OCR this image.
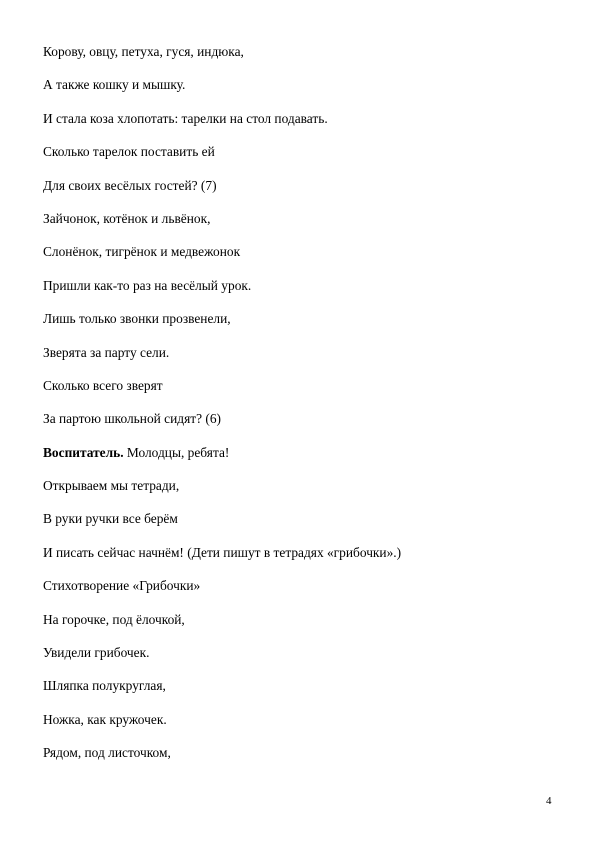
Корову, овцу, петуха, гуся, индюка,
А также кошку и мышку.
И стала коза хлопотать: тарелки на стол подавать.
Сколько тарелок поставить ей
Для своих весёлых гостей? (7)
Зайчонок, котёнок и львёнок,
Слонёнок, тигрёнок и медвежонок
Пришли как-то раз на весёлый урок.
Лишь только звонки прозвенели,
Зверята за парту сели.
Сколько всего зверят
За партою школьной сидят? (6)
Воспитатель. Молодцы, ребята!
Открываем мы тетради,
В руки ручки все берём
И писать сейчас начнём! (Дети пишут в тетрадях «грибочки».)
Стихотворение «Грибочки»
На горочке, под ёлочкой,
Увидели грибочек.
Шляпка полукруглая,
Ножка, как кружочек.
Рядом, под листочком,
4
